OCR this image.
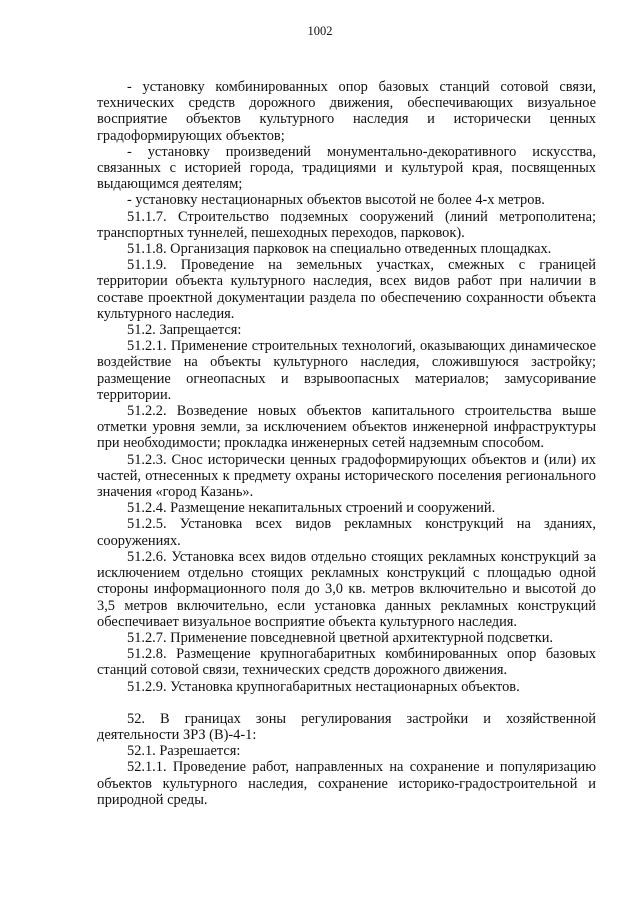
1002

- установку комбинированных опор базовых станций сотовой связи, технических средств дорожного движения, обеспечивающих визуальное восприятие объектов культурного наследия и исторически ценных градоформирующих объектов;

- установку произведений монументально-декоративного искусства, связанных с историей города, традициями и культурой края, посвященных выдающимся деятелям;

- установку нестационарных объектов высотой не более 4-х метров.

51.1.7. Строительство подземных сооружений (линий метрополитена; транспортных туннелей, пешеходных переходов, парковок).

51.1.8. Организация парковок на специально отведенных площадках.

51.1.9. Проведение на земельных участках, смежных с границей территории объекта культурного наследия, всех видов работ при наличии в составе проектной документации раздела по обеспечению сохранности объекта культурного наследия.

51.2. Запрещается:

51.2.1. Применение строительных технологий, оказывающих динамическое воздействие на объекты культурного наследия, сложившуюся застройку; размещение огнеопасных и взрывоопасных материалов; замусоривание территории.

51.2.2. Возведение новых объектов капитального строительства выше отметки уровня земли, за исключением объектов инженерной инфраструктуры при необходимости; прокладка инженерных сетей надземным способом.

51.2.3. Снос исторически ценных градоформирующих объектов и (или) их частей, отнесенных к предмету охраны исторического поселения регионального значения «город Казань».

51.2.4. Размещение некапитальных строений и сооружений.

51.2.5. Установка всех видов рекламных конструкций на зданиях, сооружениях.

51.2.6. Установка всех видов отдельно стоящих рекламных конструкций за исключением отдельно стоящих рекламных конструкций с площадью одной стороны информационного поля до 3,0 кв. метров включительно и высотой до 3,5 метров включительно, если установка данных рекламных конструкций обеспечивает визуальное восприятие объекта культурного наследия.

51.2.7. Применение повседневной цветной архитектурной подсветки.

51.2.8. Размещение крупногабаритных комбинированных опор базовых станций сотовой связи, технических средств дорожного движения.

51.2.9. Установка крупногабаритных нестационарных объектов.

52. В границах зоны регулирования застройки и хозяйственной деятельности ЗРЗ (В)-4-1:

52.1. Разрешается:

52.1.1. Проведение работ, направленных на сохранение и популяризацию объектов культурного наследия, сохранение историко-градостроительной и природной среды.
